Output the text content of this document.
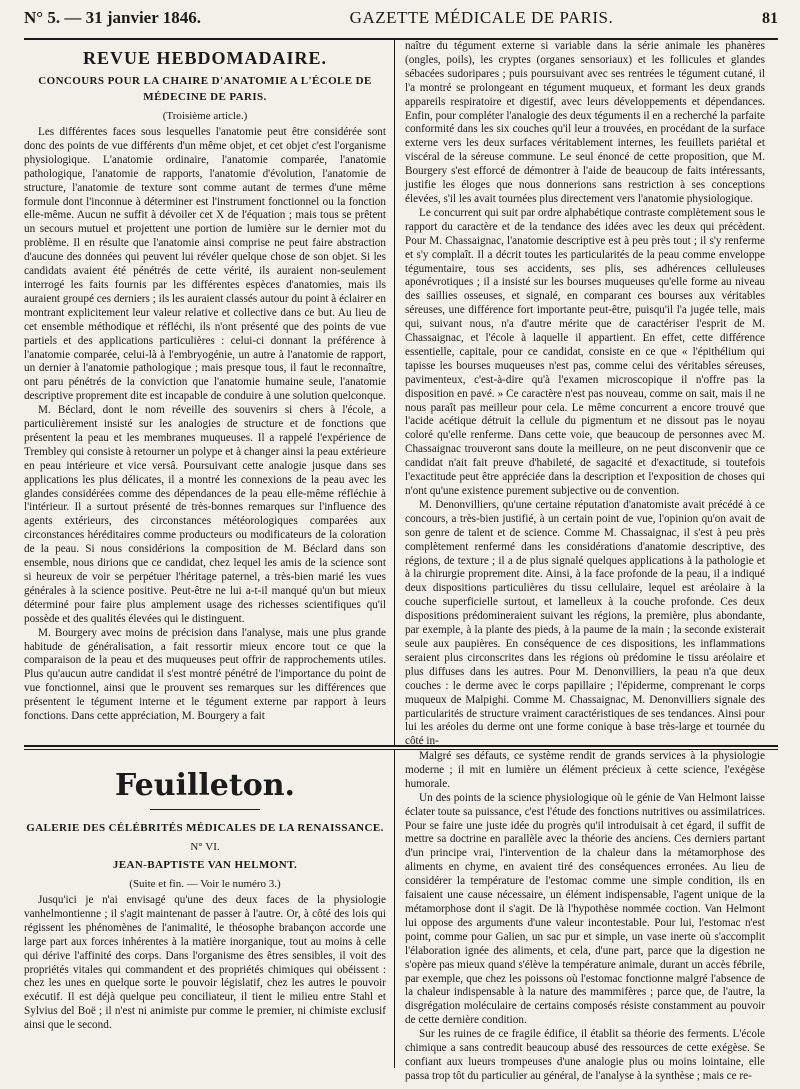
N° 5. — 31 janvier 1846.	GAZETTE MÉDICALE DE PARIS.	81
REVUE HEBDOMADAIRE.
CONCOURS POUR LA CHAIRE D'ANATOMIE A L'ÉCOLE DE MÉDECINE DE PARIS.
(Troisième article.)

Les différentes faces sous lesquelles l'anatomie peut être considérée sont donc des points de vue différents d'un même objet, et cet objet c'est l'organisme physiologique. L'anatomie ordinaire, l'anatomie comparée, l'anatomie pathologique, l'anatomie de rapports, l'anatomie d'évolution, l'anatomie de structure, l'anatomie de texture sont comme autant de termes d'une même formule dont l'inconnue à déterminer est l'instrument fonctionnel ou la fonction elle-même. Aucun ne suffit à dévoiler cet X de l'équation ; mais tous se prêtent un secours mutuel et projettent une portion de lumière sur le dernier mot du problème. Il en résulte que l'anatomie ainsi comprise ne peut faire abstraction d'aucune des données qui peuvent lui révéler quelque chose de son objet. Si les candidats avaient été pénétrés de cette vérité, ils auraient non-seulement interrogé les faits fournis par les différentes espèces d'anatomies, mais ils auraient groupé ces derniers ; ils les auraient classés autour du point à éclairer en montrant explicitement leur valeur relative et collective dans ce but. Au lieu de cet ensemble méthodique et réfléchi, ils n'ont présenté que des points de vue partiels et des applications particulières : celui-ci donnant la préférence à l'anatomie comparée, celui-là à l'embryogénie, un autre à l'anatomie de rapport, un dernier à l'anatomie pathologique ; mais presque tous, il faut le reconnaître, ont paru pénétrés de la conviction que l'anatomie humaine seule, l'anatomie descriptive proprement dite est incapable de conduire à une solution quelconque.

M. Béclard, dont le nom réveille des souvenirs si chers à l'école, a particulièrement insisté sur les analogies de structure et de fonctions que présentent la peau et les membranes muqueuses. Il a rappelé l'expérience de Trembley qui consiste à retourner un polype et à changer ainsi la peau extérieure en peau intérieure et vice versâ. Poursuivant cette analogie jusque dans ses applications les plus délicates, il a montré les connexions de la peau avec les glandes considérées comme des dépendances de la peau elle-même réfléchie à l'intérieur. Il a surtout présenté de très-bonnes remarques sur l'influence des agents extérieurs, des circonstances météorologiques comparées aux circonstances héréditaires comme producteurs ou modificateurs de la coloration de la peau. Si nous considérions la composition de M. Béclard dans son ensemble, nous dirions que ce candidat, chez lequel les amis de la science sont si heureux de voir se perpétuer l'héritage paternel, a très-bien marié les vues générales à la science positive. Peut-être ne lui a-t-il manqué qu'un but mieux déterminé pour faire plus amplement usage des richesses scientifiques qu'il possède et des qualités élevées qui le distinguent.

M. Bourgery avec moins de précision dans l'analyse, mais une plus grande habitude de généralisation, a fait ressortir mieux encore tout ce que la comparaison de la peau et des muqueuses peut offrir de rapprochements utiles. Plus qu'aucun autre candidat il s'est montré pénétré de l'importance du point de vue fonctionnel, ainsi que le prouvent ses remarques sur les différences que présentent le tégument interne et le tégument externe par rapport à leurs fonctions. Dans cette appréciation, M. Bourgery a fait

naître du tégument externe si variable dans la série animale les phanères (ongles, poils), les cryptes (organes sensoriaux) et les follicules et glandes sébacées sudoripares ; puis poursuivant avec ses rentrées le tégument cutané, il l'a montré se prolongeant en tégument muqueux, et formant les deux grands appareils respiratoire et digestif, avec leurs développements et dépendances. Enfin, pour compléter l'analogie des deux téguments il en a recherché la parfaite conformité dans les six couches qu'il leur a trouvées, en procédant de la surface externe vers les deux surfaces véritablement internes, les feuillets pariétal et viscéral de la séreuse commune. Le seul énoncé de cette proposition, que M. Bourgery s'est efforcé de démontrer à l'aide de beaucoup de faits intéressants, justifie les éloges que nous donnerions sans restriction à ses conceptions élevées, s'il les avait tournées plus directement vers l'anatomie physiologique.

Le concurrent qui suit par ordre alphabétique contraste complètement sous le rapport du caractère et de la tendance des idées avec les deux qui précèdent. Pour M. Chassaignac, l'anatomie descriptive est à peu près tout ; il s'y renferme et s'y complaît. Il a décrit toutes les particularités de la peau comme enveloppe tégumentaire, tous ses accidents, ses plis, ses adhérences celluleuses aponévrotiques ; il a insisté sur les bourses muqueuses qu'elle forme au niveau des saillies osseuses, et signalé, en comparant ces bourses aux véritables séreuses, une différence fort importante peut-être, puisqu'il l'a jugée telle, mais qui, suivant nous, n'a d'autre mérite que de caractériser l'esprit de M. Chassaignac, et l'école à laquelle il appartient. En effet, cette différence essentielle, capitale, pour ce candidat, consiste en ce que « l'épithélium qui tapisse les bourses muqueuses n'est pas, comme celui des véritables séreuses, pavimenteux, c'est-à-dire qu'à l'examen microscopique il n'offre pas la disposition en pavé. » Ce caractère n'est pas nouveau, comme on sait, mais il ne nous paraît pas meilleur pour cela. Le même concurrent a encore trouvé que l'acide acétique détruit la cellule du pigmentum et ne dissout pas le noyau coloré qu'elle renferme. Dans cette voie, que beaucoup de personnes avec M. Chassaignac trouveront sans doute la meilleure, on ne peut disconvenir que ce candidat n'ait fait preuve d'habileté, de sagacité et d'exactitude, si toutefois l'exactitude peut être appréciée dans la description et l'exposition de choses qui n'ont qu'une existence purement subjective ou de convention.

M. Denonvilliers, qu'une certaine réputation d'anatomiste avait précédé à ce concours, a très-bien justifié, à un certain point de vue, l'opinion qu'on avait de son genre de talent et de science. Comme M. Chassaignac, il s'est à peu près complètement renfermé dans les considérations d'anatomie descriptive, des régions, de texture ; il a de plus signalé quelques applications à la pathologie et à la chirurgie proprement dite. Ainsi, à la face profonde de la peau, il a indiqué deux dispositions particulières du tissu cellulaire, lequel est aréolaire à la couche superficielle surtout, et lamelleux à la couche profonde. Ces deux dispositions prédomineraient suivant les régions, la première, plus abondante, par exemple, à la plante des pieds, à la paume de la main ; la seconde existerait seule aux paupières. En conséquence de ces dispositions, les inflammations seraient plus circonscrites dans les régions où prédomine le tissu aréolaire et plus diffuses dans les autres. Pour M. Denonvilliers, la peau n'a que deux couches : le derme avec le corps papillaire ; l'épiderme, comprenant le corps muqueux de Malpighi. Comme M. Chassaignac, M. Denonvilliers signale des particularités de structure vraiment caractéristiques de ses tendances. Ainsi pour lui les aréoles du derme ont une forme conique à base très-large et tournée du côté in-

Feuilleton.
GALERIE DES CÉLÉBRITÉS MÉDICALES DE LA RENAISSANCE.
N° VI.
JEAN-BAPTISTE VAN HELMONT.
(Suite et fin. — Voir le numéro 3.)

Jusqu'ici je n'ai envisagé qu'une des deux faces de la physiologie vanhelmontienne ; il s'agit maintenant de passer à l'autre. Or, à côté des lois qui régissent les phénomènes de l'animalité, le théosophe brabançon accorde une large part aux forces inhérentes à la matière inorganique, tout au moins à celle qui dérive l'affinité des corps. Dans l'organisme des êtres sensibles, il voit des propriétés vitales qui commandent et des propriétés chimiques qui obéissent : chez les unes en quelque sorte le pouvoir législatif, chez les autres le pouvoir exécutif. Il est déjà quelque peu conciliateur, il tient le milieu entre Stahl et Sylvius del Boë ; il n'est ni animiste pur comme le premier, ni chimiste exclusif ainsi que le second.

Malgré ses défauts, ce système rendit de grands services à la physiologie moderne ; il mit en lumière un élément précieux à cette science, l'exégèse humorale.

Un des points de la science physiologique où le génie de Van Helmont laisse éclater toute sa puissance, c'est l'étude des fonctions nutritives ou assimilatrices. Pour se faire une juste idée du progrès qu'il introduisait à cet égard, il suffit de mettre sa doctrine en parallèle avec la théorie des anciens. Ces derniers partant d'un principe vrai, l'intervention de la chaleur dans la métamorphose des aliments en chyme, en avaient tiré des conséquences erronées. Au lieu de considérer la température de l'estomac comme une simple condition, ils en faisaient une cause nécessaire, un élément indispensable, l'agent unique de la métamorphose dont il s'agit. De là l'hypothèse nommée coction. Van Helmont lui oppose des arguments d'une valeur incontestable. Pour lui, l'estomac n'est point, comme pour Galien, un sac pur et simple, un vase inerte où s'accomplit l'élaboration ignée des aliments, et cela, d'une part, parce que la digestion ne s'opère pas mieux quand s'élève la température animale, durant un accès fébrile, par exemple, que chez les poissons où l'estomac fonctionne malgré l'absence de la chaleur indispensable à la nature des mammifères ; parce que, de l'autre, la disgrégation moléculaire de certains composés résiste constamment au pouvoir de cette dernière condition.

Sur les ruines de ce fragile édifice, il établit sa théorie des ferments. L'école chimique a sans contredit beaucoup abusé des ressources de cette exégèse. Se confiant aux lueurs trompeuses d'une analogie plus ou moins lointaine, elle passa trop tôt du particulier au général, de l'analyse à la synthèse ; mais ce re-
